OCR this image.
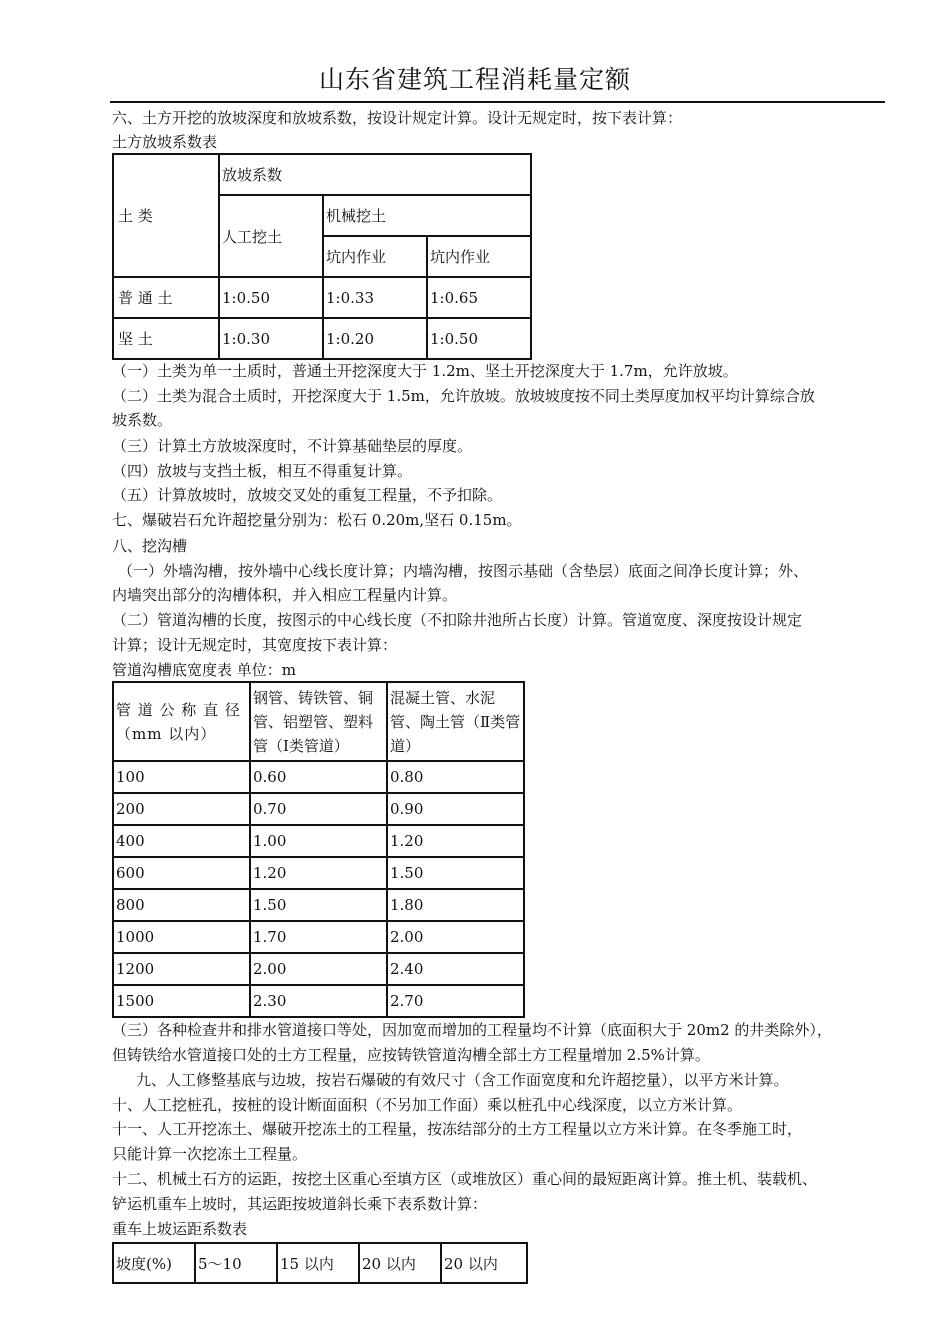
山东省建筑工程消耗量定额
六、土方开挖的放坡深度和放坡系数，按设计规定计算。设计无规定时，按下表计算：
土方放坡系数表
土 类	放坡系数		
	人工挖土	机械挖土	
		坑内作业	坑内作业
普 通 土	1:0.50	1:0.33	1:0.65
坚 土	1:0.30	1:0.20	1:0.50
（一）土类为单一土质时，普通土开挖深度大于 1.2m、坚土开挖深度大于 1.7m，允许放坡。
（二）土类为混合土质时，开挖深度大于 1.5m，允许放坡。放坡坡度按不同土类厚度加权平均计算综合放
坡系数。
（三）计算土方放坡深度时，不计算基础垫层的厚度。
（四）放坡与支挡土板，相互不得重复计算。
（五）计算放坡时，放坡交叉处的重复工程量，不予扣除。
七、爆破岩石允许超挖量分别为：松石 0.20m,坚石 0.15m。
八、挖沟槽
（一）外墙沟槽，按外墙中心线长度计算；内墙沟槽，按图示基础（含垫层）底面之间净长度计算；外、
内墙突出部分的沟槽体积，并入相应工程量内计算。
（二）管道沟槽的长度，按图示的中心线长度（不扣除井池所占长度）计算。管道宽度、深度按设计规定
计算；设计无规定时，其宽度按下表计算：
管道沟槽底宽度表 单位：m
管 道 公 称 直 径（mm 以内）	钢管、铸铁管、铜管、铝塑管、塑料管（Ⅰ类管道）	混凝土管、水泥管、陶土管（Ⅱ类管道）
100	0.60	0.80
200	0.70	0.90
400	1.00	1.20
600	1.20	1.50
800	1.50	1.80
1000	1.70	2.00
1200	2.00	2.40
1500	2.30	2.70
（三）各种检查井和排水管道接口等处，因加宽而增加的工程量均不计算（底面积大于 20m2 的井类除外），
但铸铁给水管道接口处的土方工程量，应按铸铁管道沟槽全部土方工程量增加 2.5%计算。
九、人工修整基底与边坡，按岩石爆破的有效尺寸（含工作面宽度和允许超挖量），以平方米计算。
十、人工挖桩孔，按桩的设计断面面积（不另加工作面）乘以桩孔中心线深度，以立方米计算。
十一、人工开挖冻土、爆破开挖冻土的工程量，按冻结部分的土方工程量以立方米计算。在冬季施工时，
只能计算一次挖冻土工程量。
十二、机械土石方的运距，按挖土区重心至填方区（或堆放区）重心间的最短距离计算。推土机、装载机、
铲运机重车上坡时，其运距按坡道斜长乘下表系数计算：
重车上坡运距系数表
坡度(%)	5～10	15 以内	20 以内	20 以内
